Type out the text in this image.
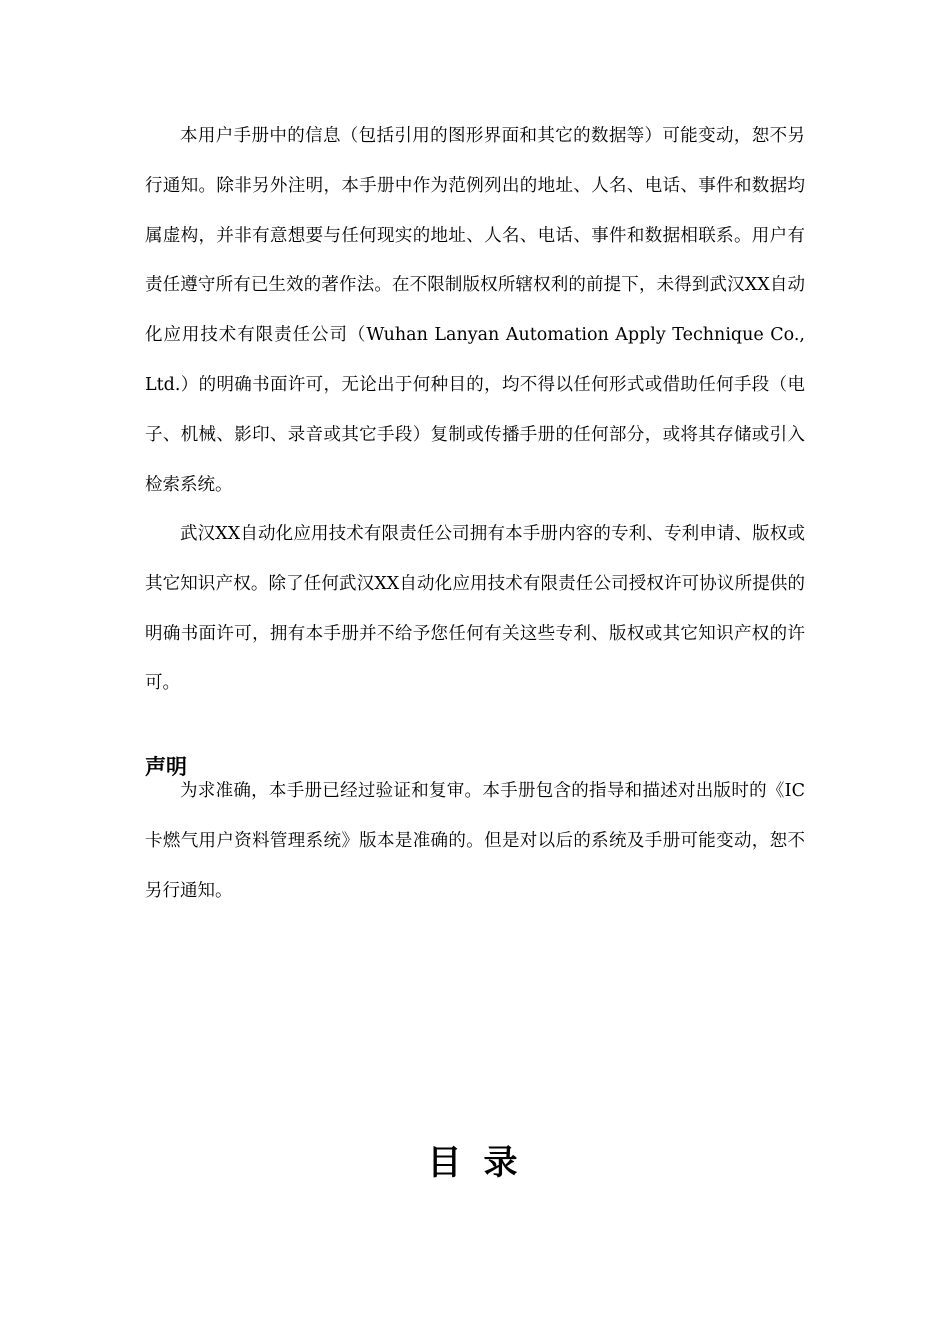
本用户手册中的信息（包括引用的图形界面和其它的数据等）可能变动，恕不另行通知。除非另外注明，本手册中作为范例列出的地址、人名、电话、事件和数据均属虚构，并非有意想要与任何现实的地址、人名、电话、事件和数据相联系。用户有责任遵守所有已生效的著作法。在不限制版权所辖权利的前提下，未得到武汉XX自动化应用技术有限责任公司（Wuhan Lanyan Automation Apply Technique Co., Ltd.）的明确书面许可，无论出于何种目的，均不得以任何形式或借助任何手段（电子、机械、影印、录音或其它手段）复制或传播手册的任何部分，或将其存储或引入检索系统。

武汉XX自动化应用技术有限责任公司拥有本手册内容的专利、专利申请、版权或其它知识产权。除了任何武汉XX自动化应用技术有限责任公司授权许可协议所提供的明确书面许可，拥有本手册并不给予您任何有关这些专利、版权或其它知识产权的许可。

声明

为求准确，本手册已经过验证和复审。本手册包含的指导和描述对出版时的《IC卡燃气用户资料管理系统》版本是准确的。但是对以后的系统及手册可能变动，恕不另行通知。

目 录
